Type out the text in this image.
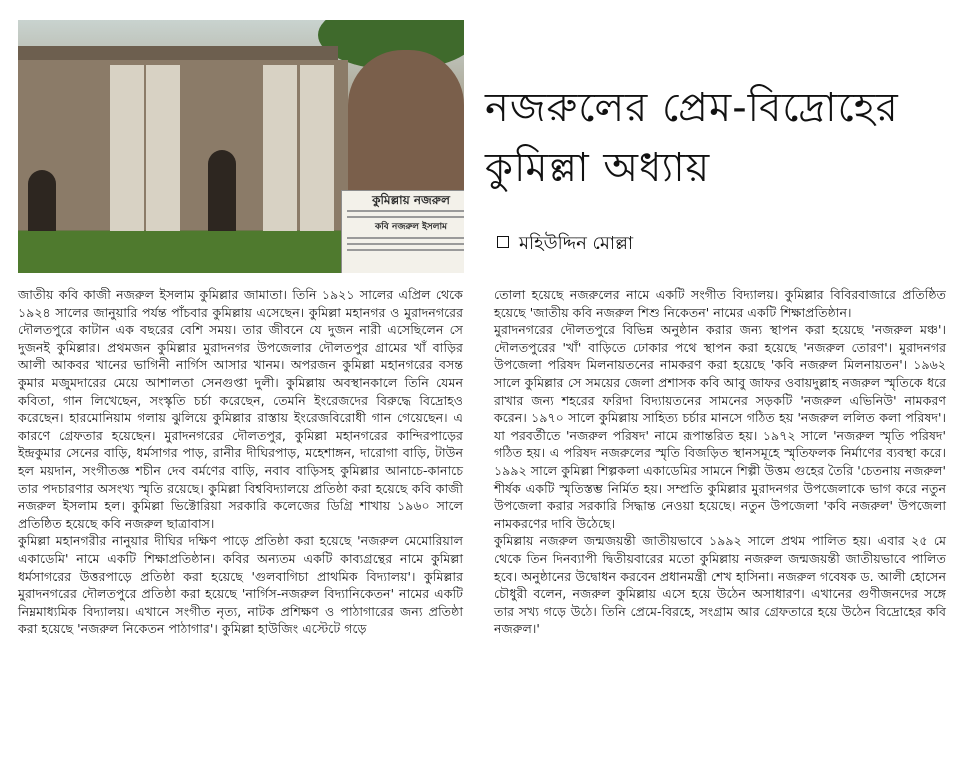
কুমিল্লায় নজরুল
কবি নজরুল ইসলাম
নজরুলের প্রেম-বিদ্রোহের
কুমিল্লা অধ্যায়
মহিউদ্দিন মোল্লা

জাতীয় কবি কাজী নজরুল ইসলাম কুমিল্লার জামাতা। তিনি ১৯২১ সালের এপ্রিল থেকে ১৯২৪ সালের জানুয়ারি পর্যন্ত পাঁচবার কুমিল্লায় এসেছেন। কুমিল্লা মহানগর ও মুরাদনগরের দৌলতপুরে কাটান এক বছরের বেশি সময়। তার জীবনে যে দুজন নারী এসেছিলেন সে দুজনই কুমিল্লার। প্রথমজন কুমিল্লার মুরাদনগর উপজেলার দৌলতপুর গ্রামের খাঁ বাড়ির আলী আকবর খানের ভাগিনী নার্গিস আসার খানম। অপরজন কুমিল্লা মহানগরের বসন্ত কুমার মজুমদারের মেয়ে আশালতা সেনগুপ্তা দুলী। কুমিল্লায় অবস্থানকালে তিনি যেমন কবিতা, গান লিখেছেন, সংস্কৃতি চর্চা করেছেন, তেমনি ইংরেজদের বিরুদ্ধে বিদ্রোহও করেছেন। হারমোনিয়াম গলায় ঝুলিয়ে কুমিল্লার রাস্তায় ইংরেজবিরোধী গান গেয়েছেন। এ কারণে গ্রেফতার হয়েছেন। মুরাদনগরের দৌলতপুর, কুমিল্লা মহানগরের কান্দিরপাড়ের ইন্দ্রকুমার সেনের বাড়ি, ধর্মসাগর পাড়, রানীর দীঘিরপাড়, মহেশাঙ্গন, দারোগা বাড়ি, টাউন হল ময়দান, সংগীতজ্ঞ শচীন দেব বর্মণের বাড়ি, নবাব বাড়িসহ কুমিল্লার আনাচে-কানাচে তার পদচারণার অসংখ্য স্মৃতি রয়েছে। কুমিল্লা বিশ্ববিদ্যালয়ে প্রতিষ্ঠা করা হয়েছে কবি কাজী নজরুল ইসলাম হল। কুমিল্লা ভিক্টোরিয়া সরকারি কলেজের ডিগ্রি শাখায় ১৯৬০ সালে প্রতিষ্ঠিত হয়েছে কবি নজরুল ছাত্রাবাস।

কুমিল্লা মহানগরীর নানুয়ার দীঘির দক্ষিণ পাড়ে প্রতিষ্ঠা করা হয়েছে 'নজরুল মেমোরিয়াল একাডেমি' নামে একটি শিক্ষাপ্রতিষ্ঠান। কবির অন্যতম একটি কাব্যগ্রন্থের নামে কুমিল্লা ধর্মসাগরের উত্তরপাড়ে প্রতিষ্ঠা করা হয়েছে 'গুলবাগিচা প্রাথমিক বিদ্যালয়'। কুমিল্লার মুরাদনগরের দৌলতপুরে প্রতিষ্ঠা করা হয়েছে 'নার্গিস-নজরুল বিদ্যানিকেতন' নামের একটি নিম্নমাধ্যমিক বিদ্যালয়। এখানে সংগীত নৃত্য, নাটক প্রশিক্ষণ ও পাঠাগারের জন্য প্রতিষ্ঠা করা হয়েছে 'নজরুল নিকেতন পাঠাগার'। কুমিল্লা হাউজিং এস্টেটে গড়ে

তোলা হয়েছে নজরুলের নামে একটি সংগীত বিদ্যালয়। কুমিল্লার বিবিরবাজারে প্রতিষ্ঠিত হয়েছে 'জাতীয় কবি নজরুল শিশু নিকেতন' নামের একটি শিক্ষাপ্রতিষ্ঠান।

মুরাদনগরের দৌলতপুরে বিভিন্ন অনুষ্ঠান করার জন্য স্থাপন করা হয়েছে 'নজরুল মঞ্চ'। দৌলতপুরের 'খাঁ' বাড়িতে ঢোকার পথে স্থাপন করা হয়েছে 'নজরুল তোরণ'। মুরাদনগর উপজেলা পরিষদ মিলনায়তনের নামকরণ করা হয়েছে 'কবি নজরুল মিলনায়তন'। ১৯৬২ সালে কুমিল্লার সে সময়ের জেলা প্রশাসক কবি আবু জাফর ওবায়দুল্লাহ নজরুল স্মৃতিকে ধরে রাখার জন্য শহরের ফরিদা বিদ্যায়তনের সামনের সড়কটি 'নজরুল এভিনিউ' নামকরণ করেন। ১৯৭০ সালে কুমিল্লায় সাহিত্য চর্চার মানসে গঠিত হয় 'নজরুল ললিত কলা পরিষদ'। যা পরবর্তীতে 'নজরুল পরিষদ' নামে রূপান্তরিত হয়। ১৯৭২ সালে 'নজরুল স্মৃতি পরিষদ' গঠিত হয়। এ পরিষদ নজরুলের স্মৃতি বিজড়িত স্থানসমূহে স্মৃতিফলক নির্মাণের ব্যবস্থা করে। ১৯৯২ সালে কুমিল্লা শিল্পকলা একাডেমির সামনে শিল্পী উত্তম গুহের তৈরি 'চেতনায় নজরুল' শীর্ষক একটি স্মৃতিস্তম্ভ নির্মিত হয়। সম্প্রতি কুমিল্লার মুরাদনগর উপজেলাকে ভাগ করে নতুন উপজেলা করার সরকারি সিদ্ধান্ত নেওয়া হয়েছে। নতুন উপজেলা 'কবি নজরুল' উপজেলা নামকরণের দাবি উঠেছে।

কুমিল্লায় নজরুল জন্মজয়ন্তী জাতীয়ভাবে ১৯৯২ সালে প্রথম পালিত হয়। এবার ২৫ মে থেকে তিন দিনব্যাপী দ্বিতীয়বারের মতো কুমিল্লায় নজরুল জন্মজয়ন্তী জাতীয়ভাবে পালিত হবে। অনুষ্ঠানের উদ্বোধন করবেন প্রধানমন্ত্রী শেখ হাসিনা। নজরুল গবেষক ড. আলী হোসেন চৌধুরী বলেন, নজরুল কুমিল্লায় এসে হয়ে উঠেন অসাধারণ। এখানের গুণীজনদের সঙ্গে তার সখ্য গড়ে উঠে। তিনি প্রেমে-বিরহে, সংগ্রাম আর গ্রেফতারে হয়ে উঠেন বিদ্রোহের কবি নজরুল।'
